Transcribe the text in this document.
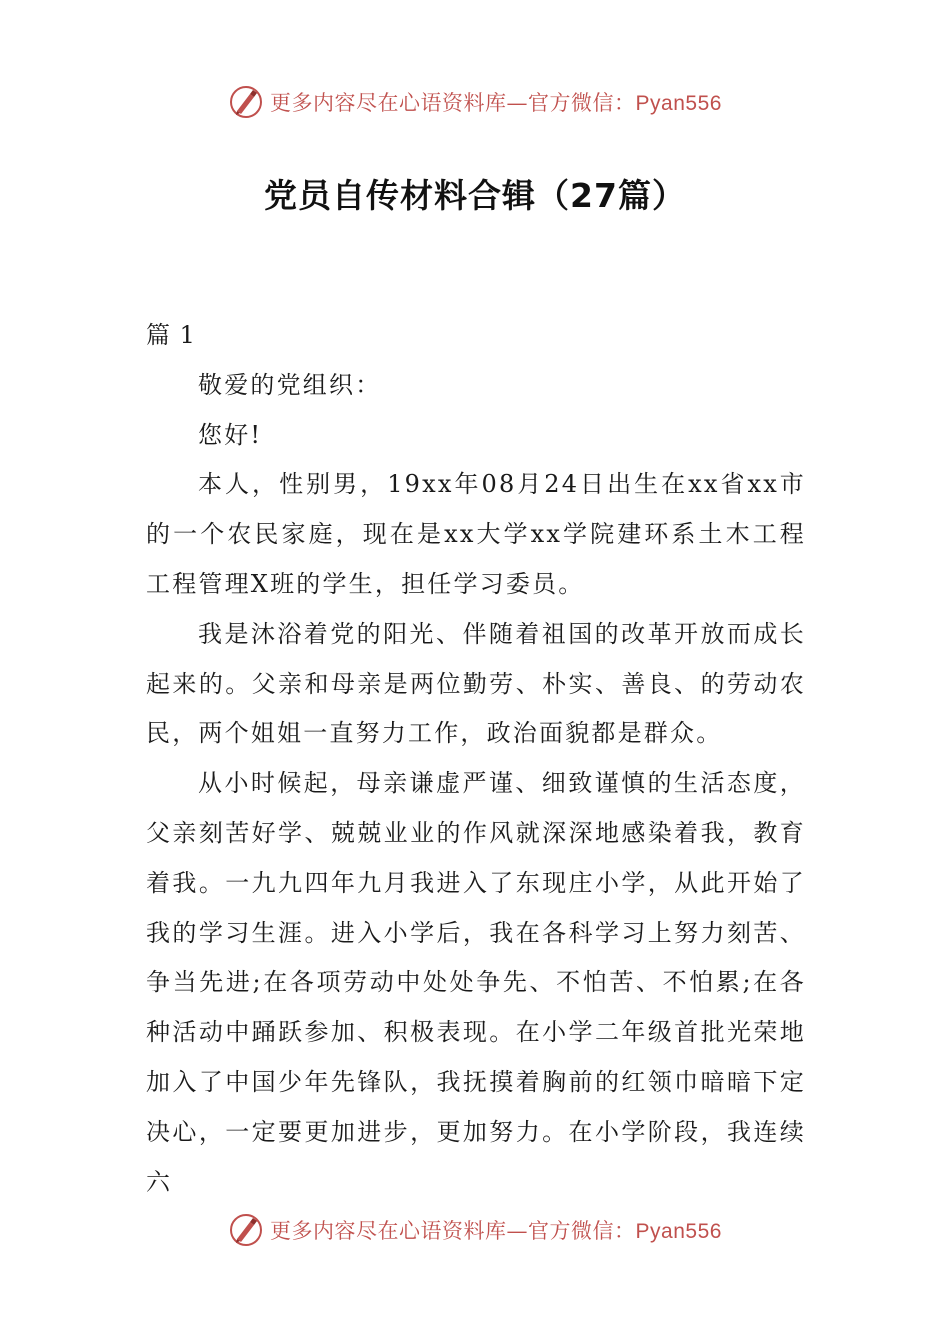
更多内容尽在心语资料库—官方微信：Pyan556
党员自传材料合辑（27篇）

篇 1

敬爱的党组织：

您好!

本人，性别男，19xx年08月24日出生在xx省xx市的一个农民家庭，现在是xx大学xx学院建环系土木工程工程管理X班的学生，担任学习委员。

我是沐浴着党的阳光、伴随着祖国的改革开放而成长起来的。父亲和母亲是两位勤劳、朴实、善良、的劳动农民，两个姐姐一直努力工作，政治面貌都是群众。

从小时候起，母亲谦虚严谨、细致谨慎的生活态度，父亲刻苦好学、兢兢业业的作风就深深地感染着我，教育着我。一九九四年九月我进入了东现庄小学，从此开始了我的学习生涯。进入小学后，我在各科学习上努力刻苦、争当先进;在各项劳动中处处争先、不怕苦、不怕累;在各种活动中踊跃参加、积极表现。在小学二年级首批光荣地加入了中国少年先锋队，我抚摸着胸前的红领巾暗暗下定决心，一定要更加进步，更加努力。在小学阶段，我连续六

更多内容尽在心语资料库—官方微信：Pyan556
